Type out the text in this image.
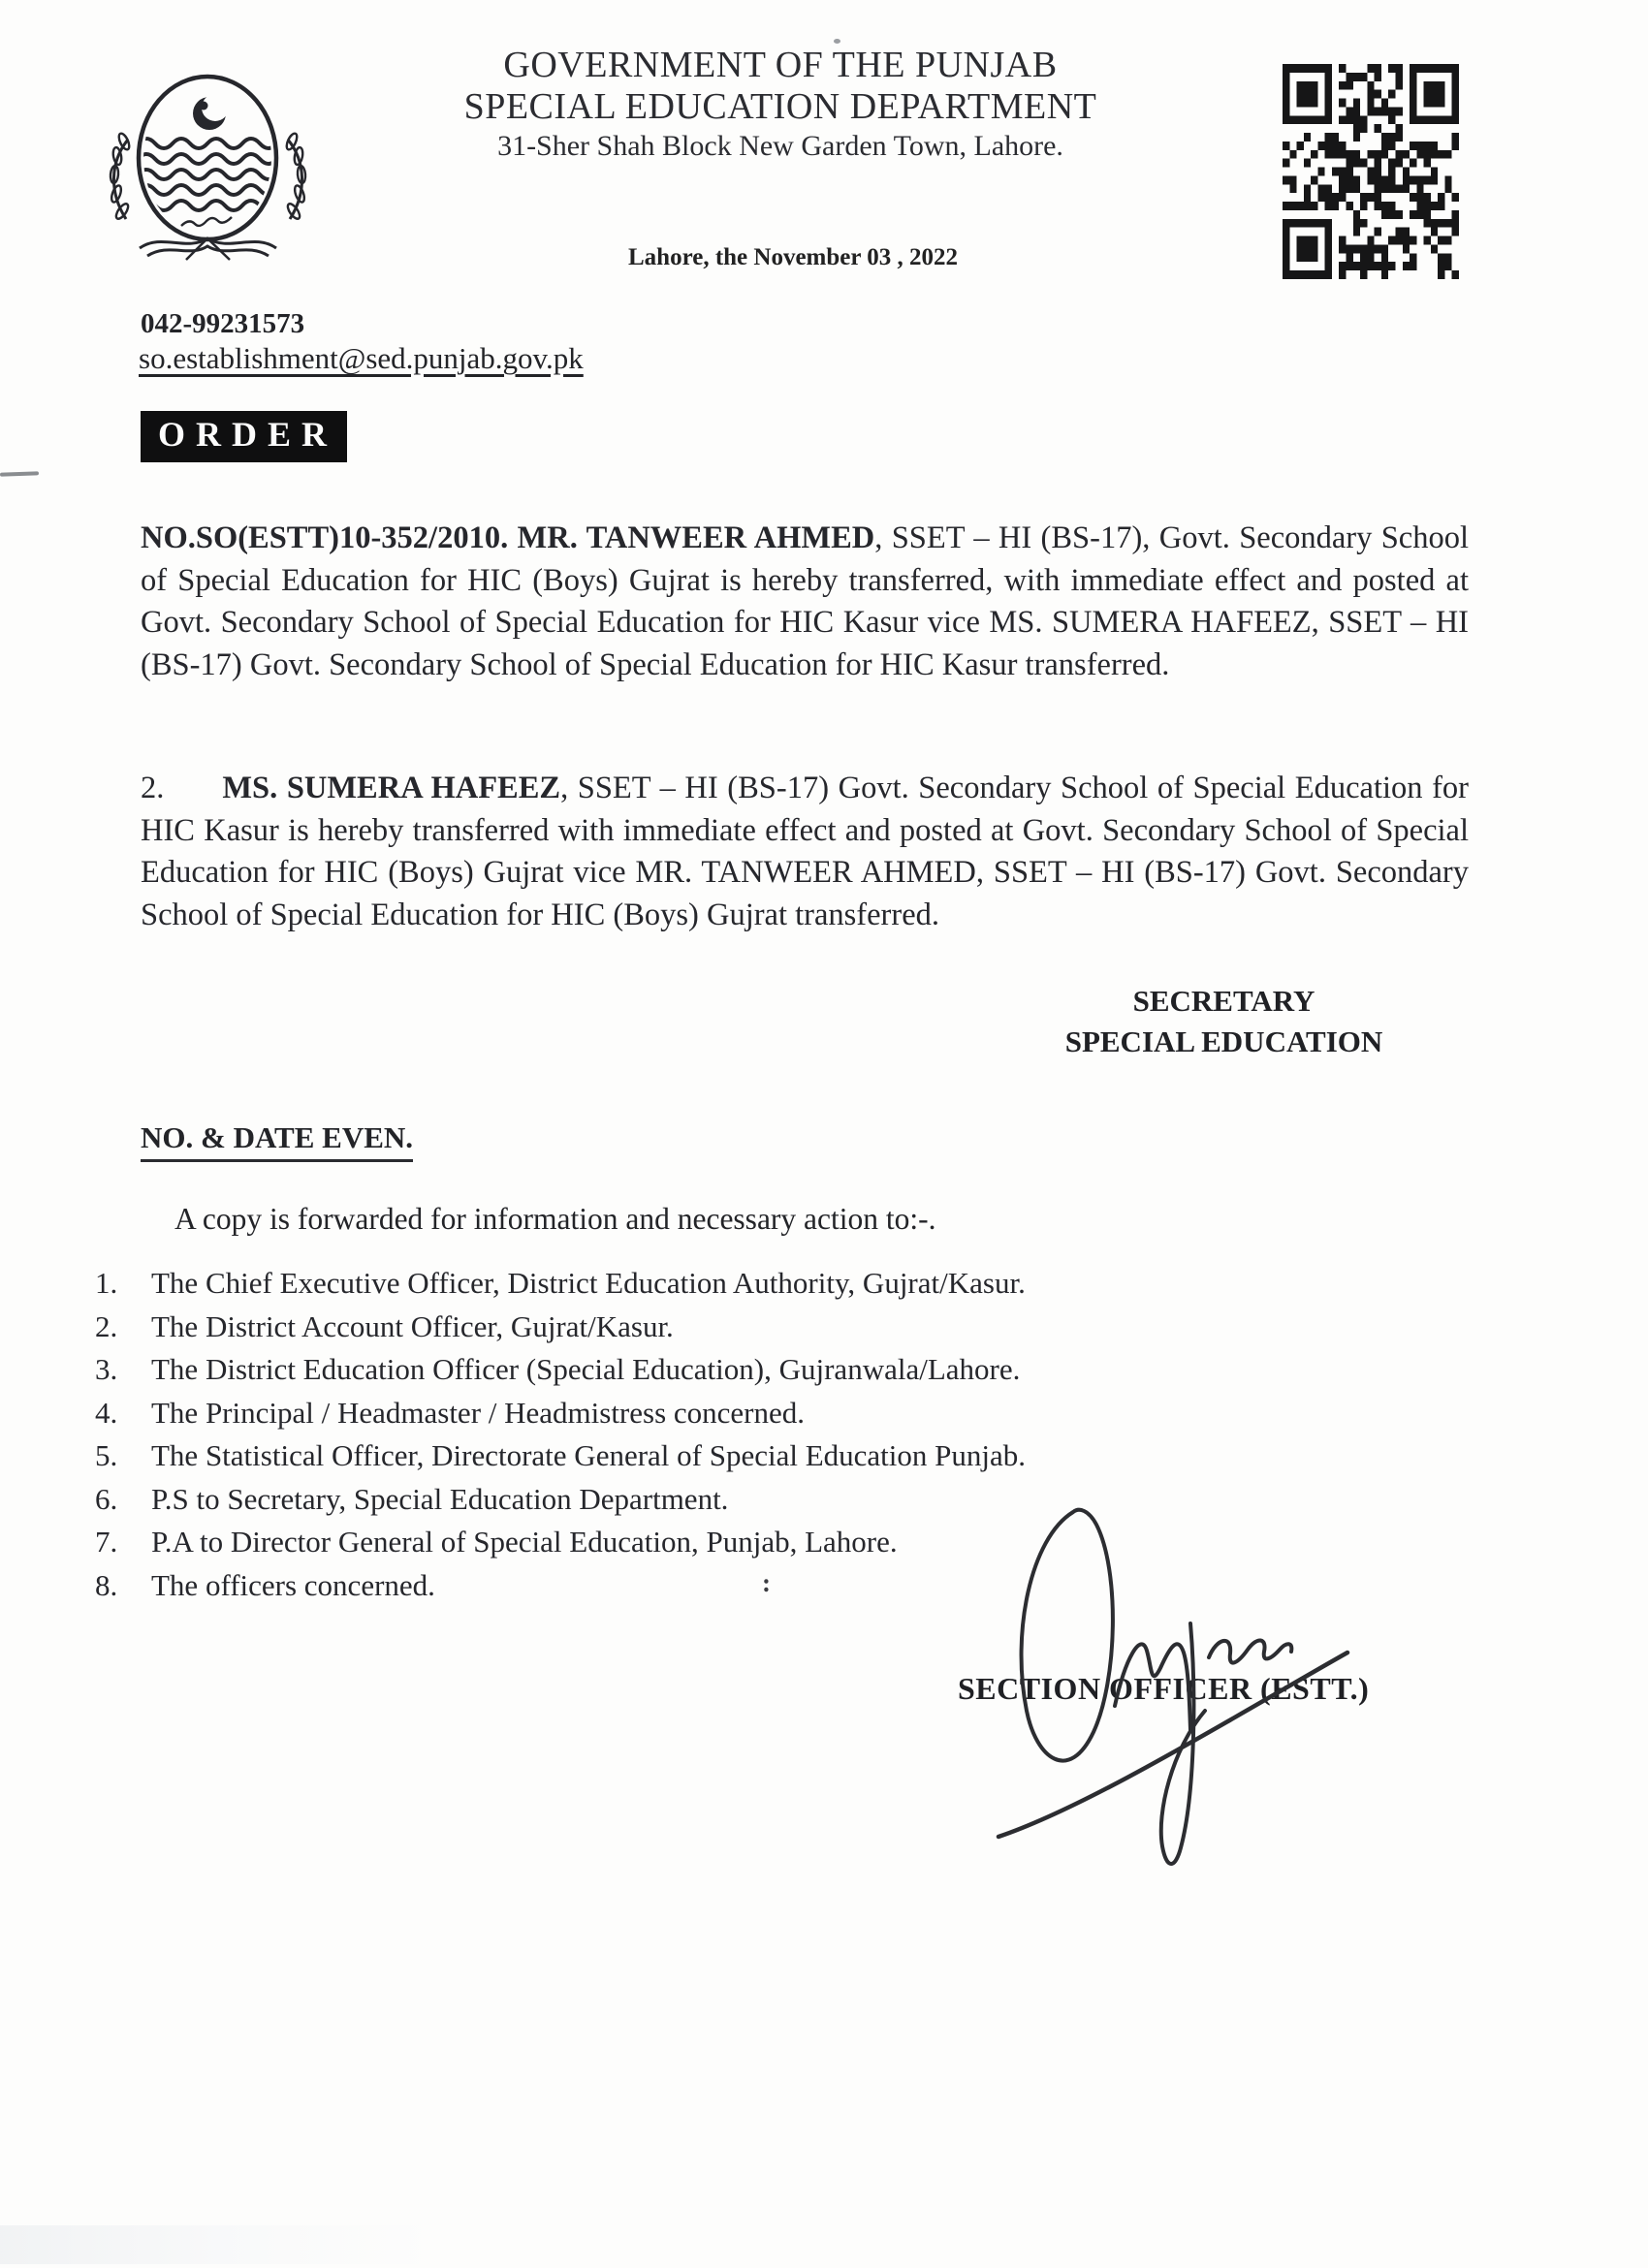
GOVERNMENT OF THE PUNJAB
SPECIAL EDUCATION DEPARTMENT
31-Sher Shah Block New Garden Town, Lahore.
Lahore, the November 03 , 2022
042-99231573
so.establishment@sed.punjab.gov.pk
ORDER
NO.SO(ESTT)10-352/2010. MR. TANWEER AHMED, SSET – HI (BS-17), Govt. Secondary School of Special Education for HIC (Boys) Gujrat is hereby transferred, with immediate effect and posted at Govt. Secondary School of Special Education for HIC Kasur vice MS. SUMERA HAFEEZ, SSET – HI (BS-17) Govt. Secondary School of Special Education for HIC Kasur transferred.
2. MS. SUMERA HAFEEZ, SSET – HI (BS-17) Govt. Secondary School of Special Education for HIC Kasur is hereby transferred with immediate effect and posted at Govt. Secondary School of Special Education for HIC (Boys) Gujrat vice MR. TANWEER AHMED, SSET – HI (BS-17) Govt. Secondary School of Special Education for HIC (Boys) Gujrat transferred.
SECRETARY
SPECIAL EDUCATION
NO. & DATE EVEN.
A copy is forwarded for information and necessary action to:-.
1.	The Chief Executive Officer, District Education Authority, Gujrat/Kasur.
2.	The District Account Officer, Gujrat/Kasur.
3.	The District Education Officer (Special Education), Gujranwala/Lahore.
4.	The Principal / Headmaster / Headmistress concerned.
5.	The Statistical Officer, Directorate General of Special Education Punjab.
6.	P.S to Secretary, Special Education Department.
7.	P.A to Director General of Special Education, Punjab, Lahore.
8.	The officers concerned.	:
SECTION OFFICER (ESTT.)
